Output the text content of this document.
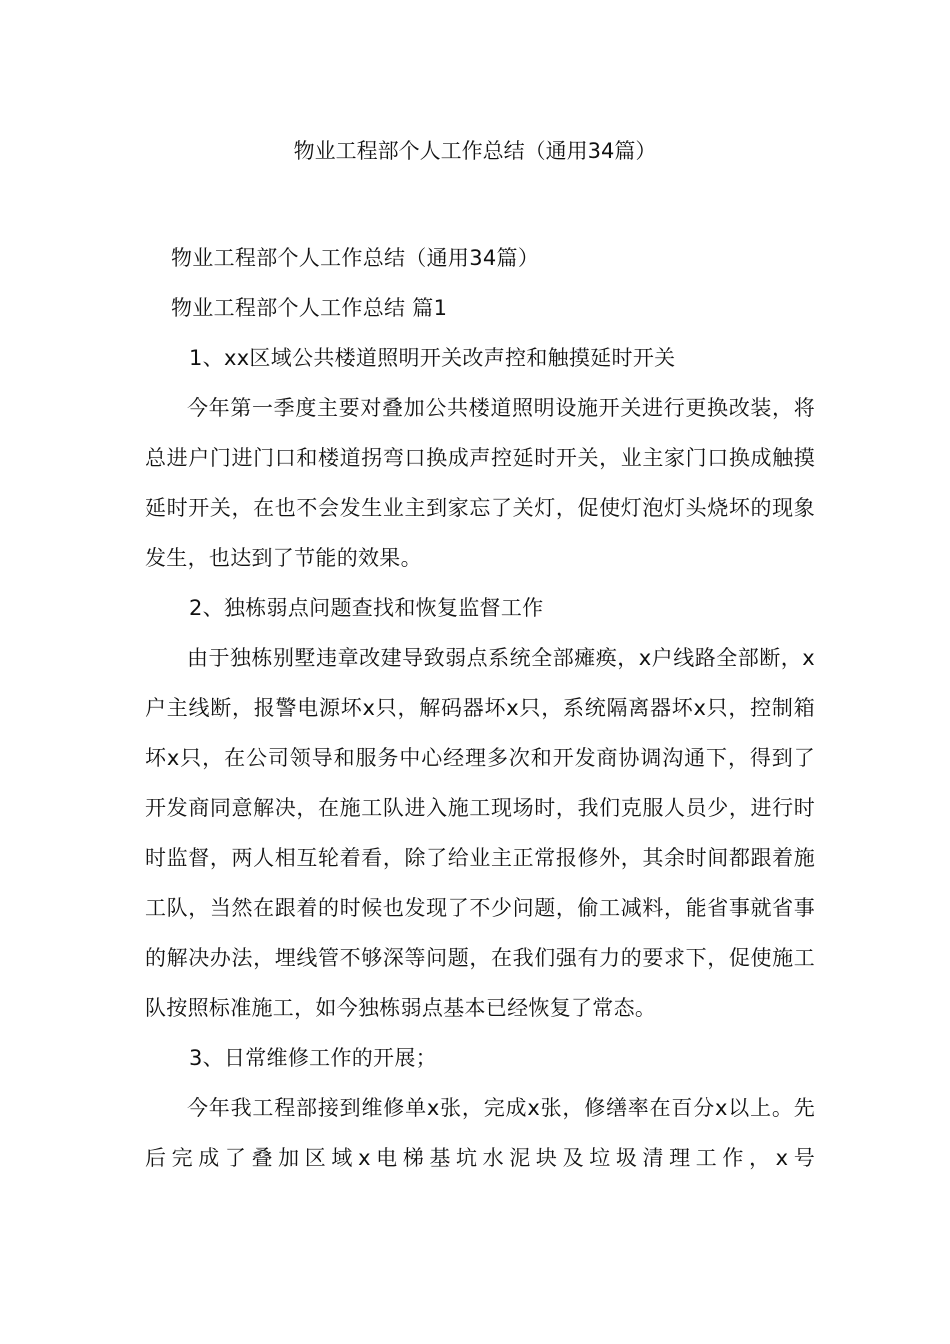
物业工程部个人工作总结（通用34篇）

物业工程部个人工作总结（通用34篇）

物业工程部个人工作总结 篇1

1、xx区域公共楼道照明开关改声控和触摸延时开关

今年第一季度主要对叠加公共楼道照明设施开关进行更换改装，将总进户门进门口和楼道拐弯口换成声控延时开关，业主家门口换成触摸延时开关，在也不会发生业主到家忘了关灯，促使灯泡灯头烧坏的现象发生，也达到了节能的效果。

2、独栋弱点问题查找和恢复监督工作

由于独栋别墅违章改建导致弱点系统全部瘫痪，x户线路全部断，x户主线断，报警电源坏x只，解码器坏x只，系统隔离器坏x只，控制箱坏x只，在公司领导和服务中心经理多次和开发商协调沟通下，得到了开发商同意解决，在施工队进入施工现场时，我们克服人员少，进行时时监督，两人相互轮着看，除了给业主正常报修外，其余时间都跟着施工队，当然在跟着的时候也发现了不少问题，偷工减料，能省事就省事的解决办法，埋线管不够深等问题，在我们强有力的要求下，促使施工队按照标准施工，如今独栋弱点基本已经恢复了常态。

3、日常维修工作的开展；

今年我工程部接到维修单x张，完成x张，修缮率在百分x以上。先后完成了叠加区域x电梯基坑水泥块及垃圾清理工作，x号
